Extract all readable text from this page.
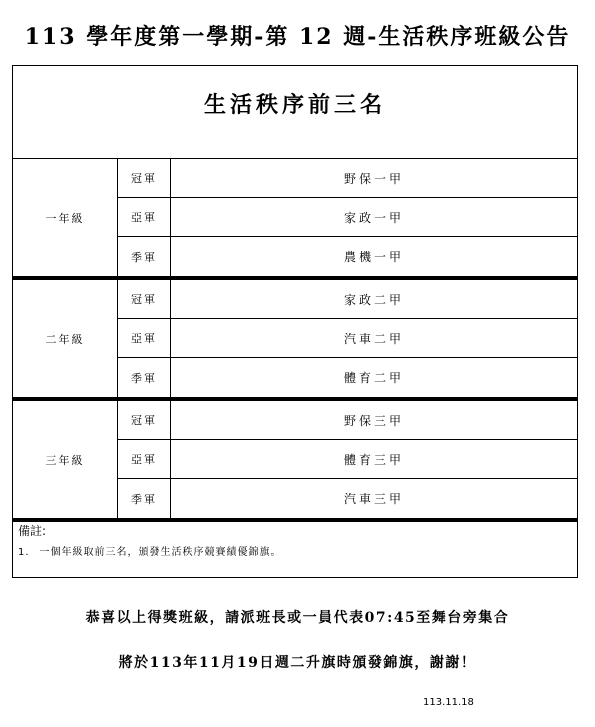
113 學年度第一學期-第 12 週-生活秩序班級公告
生活秩序前三名
一年級
冠軍	野保一甲
亞軍	家政一甲
季軍	農機一甲
二年級
冠軍	家政二甲
亞軍	汽車二甲
季軍	體育二甲
三年級
冠軍	野保三甲
亞軍	體育三甲
季軍	汽車三甲
備註:
1. 一個年級取前三名，頒發生活秩序競賽績優錦旗。
恭喜以上得獎班級，請派班長或一員代表07:45至舞台旁集合
將於113年11月19日週二升旗時頒發錦旗，謝謝！
113.11.18
